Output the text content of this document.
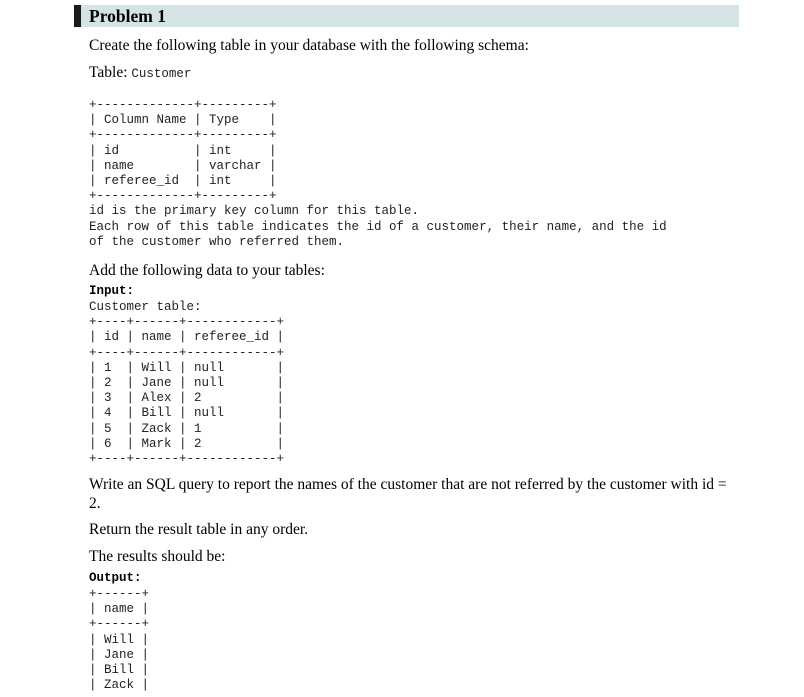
Problem 1
Create the following table in your database with the following schema:
Table: Customer
+-------------+---------+
| Column Name | Type    |
+-------------+---------+
| id          | int     |
| name        | varchar |
| referee_id  | int     |
+-------------+---------+
id is the primary key column for this table.
Each row of this table indicates the id of a customer, their name, and the id
of the customer who referred them.
Add the following data to your tables:
Input:
Customer table:
+----+------+------------+
| id | name | referee_id |
+----+------+------------+
| 1  | Will | null       |
| 2  | Jane | null       |
| 3  | Alex | 2          |
| 4  | Bill | null       |
| 5  | Zack | 1          |
| 6  | Mark | 2          |
+----+------+------------+
Write an SQL query to report the names of the customer that are not referred by the customer with id = 2.
Return the result table in any order.
The results should be:
Output:
+------+
| name |
+------+
| Will |
| Jane |
| Bill |
| Zack |
